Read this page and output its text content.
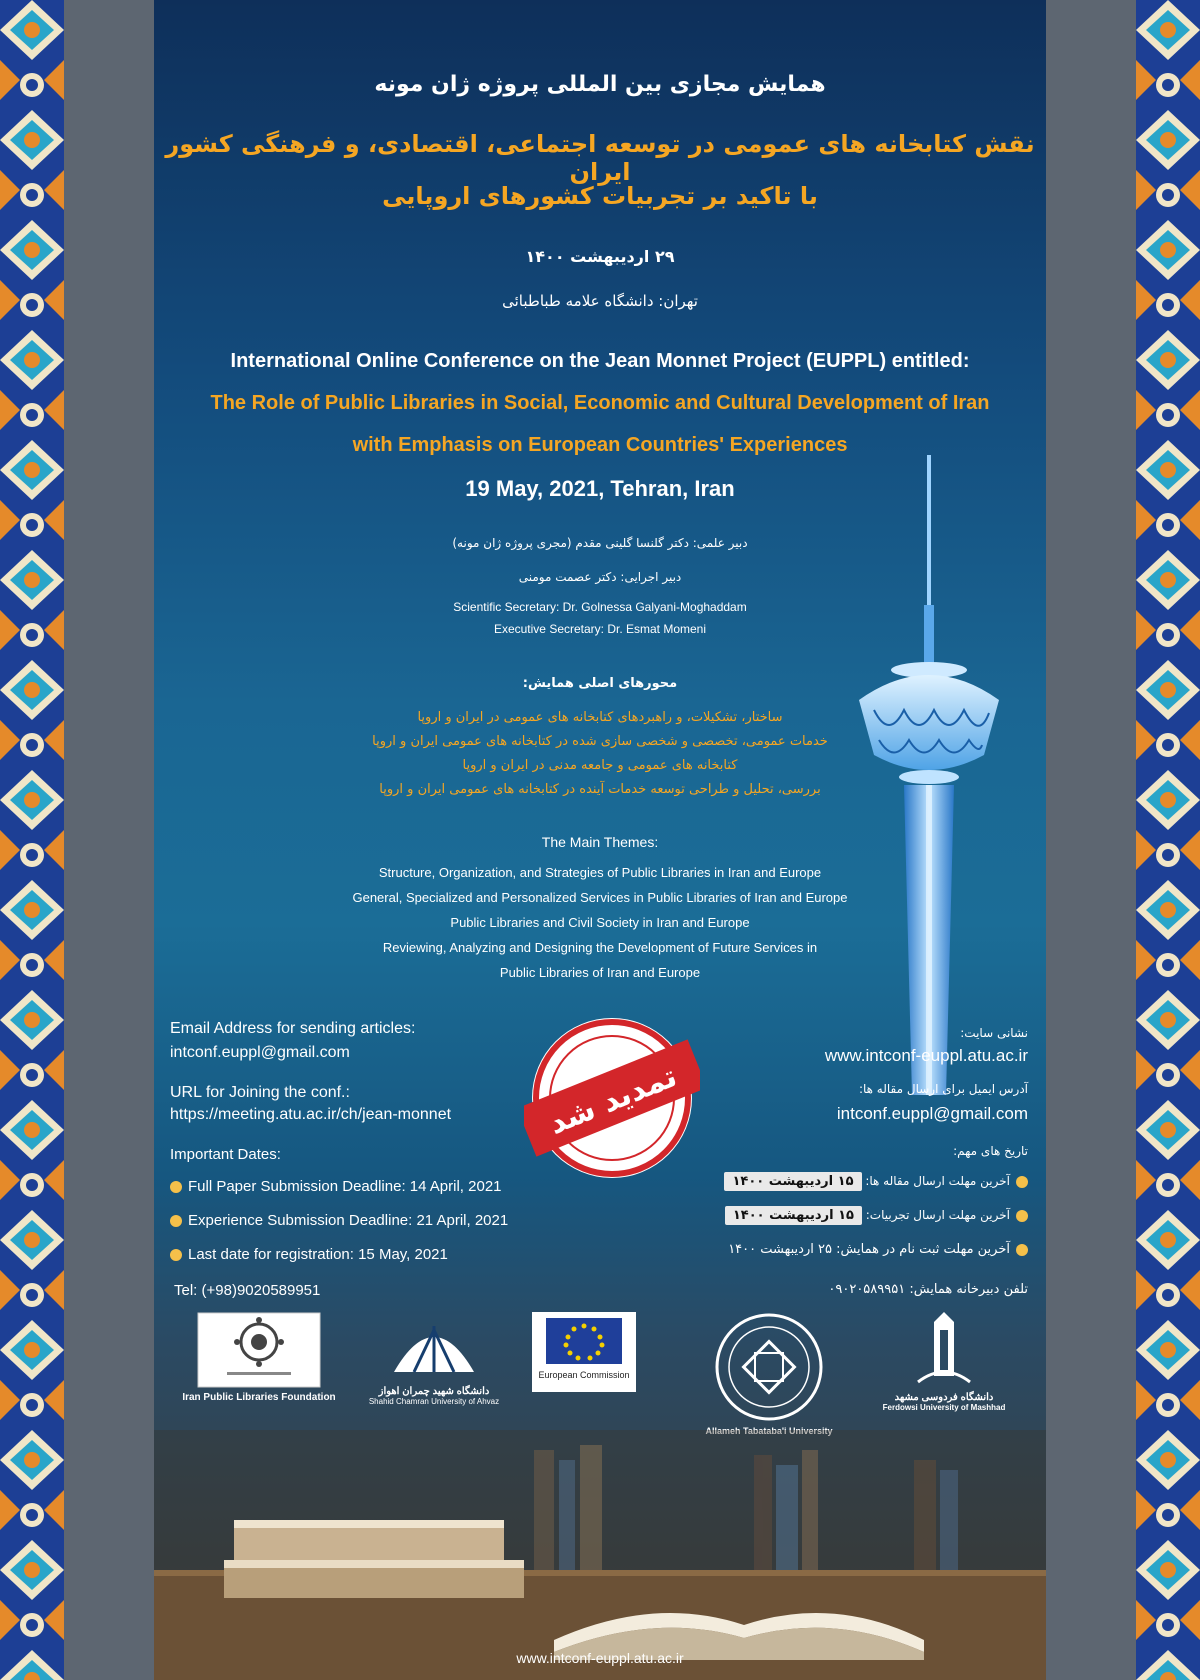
همایش مجازی بین المللی پروژه ژان مونه
نقش کتابخانه های عمومی در توسعه اجتماعی، اقتصادی، و فرهنگی کشور ایران
با تاکید بر تجربیات کشورهای اروپایی
۲۹ اردیبهشت ۱۴۰۰
تهران: دانشگاه علامه طباطبائی
International Online Conference on the Jean Monnet Project (EUPPL) entitled:
The Role of Public Libraries in Social, Economic and Cultural Development of Iran
with Emphasis on European Countries' Experiences
19 May, 2021, Tehran, Iran
دبیر علمی: دکتر گلنسا گلینی مقدم (مجری پروژه ژان مونه)
دبیر اجرایی: دکتر عصمت مومنی
Scientific Secretary: Dr. Golnessa Galyani-Moghaddam
Executive Secretary: Dr. Esmat Momeni
محورهای اصلی همایش:
ساختار، تشکیلات، و راهبردهای کتابخانه های عمومی در ایران و اروپا
خدمات عمومی، تخصصی و شخصی سازی شده در کتابخانه های عمومی ایران و اروپا
کتابخانه های عمومی و جامعه مدنی در ایران و اروپا
بررسی، تحلیل و طراحی توسعه خدمات آینده در کتابخانه های عمومی ایران و اروپا
The Main Themes:
Structure, Organization, and Strategies of Public Libraries in Iran and Europe
General, Specialized and Personalized Services in Public Libraries of Iran and Europe
Public Libraries and Civil Society in Iran and Europe
Reviewing, Analyzing and Designing the Development of Future Services in
Public Libraries of Iran and Europe
Email Address for sending articles:
intconf.euppl@gmail.com
URL for Joining the conf.:
https://meeting.atu.ac.ir/ch/jean-monnet
Important Dates:
Full Paper Submission Deadline: 14 April, 2021
Experience Submission Deadline: 21 April, 2021
Last date for registration: 15 May, 2021
Tel: (+98)9020589951
تمدید شد
نشانی سایت:
www.intconf-euppl.atu.ac.ir
آدرس ایمیل برای ارسال مقاله ها:
intconf.euppl@gmail.com
تاریخ های مهم:
آخرین مهلت ارسال مقاله ها: ۱۵ اردیبهشت ۱۴۰۰
آخرین مهلت ارسال تجربیات: ۱۵ اردیبهشت ۱۴۰۰
آخرین مهلت ثبت نام در همایش: ۲۵ اردیبهشت ۱۴۰۰
تلفن دبیرخانه همایش: ۰۹۰۲۰۵۸۹۹۵۱
Iran Public Libraries Foundation
دانشگاه شهید چمران اهواز
Shahid Chamran University of Ahvaz
European Commission
Allameh Tabataba'i University
دانشگاه فردوسی مشهد
Ferdowsi University of Mashhad
www.intconf-euppl.atu.ac.ir
